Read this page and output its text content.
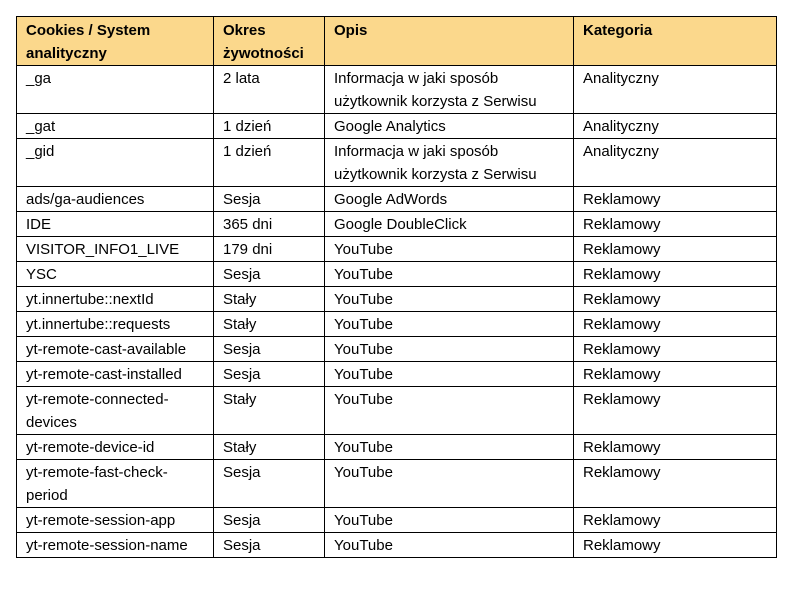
Cookies / System analityczny	Okres żywotności	Opis	Kategoria
_ga	2 lata	Informacja w jaki sposób użytkownik korzysta z Serwisu	Analityczny
_gat	1 dzień	Google Analytics	Analityczny
_gid	1 dzień	Informacja w jaki sposób użytkownik korzysta z Serwisu	Analityczny
ads/ga-audiences	Sesja	Google AdWords	Reklamowy
IDE	365 dni	Google DoubleClick	Reklamowy
VISITOR_INFO1_LIVE	179 dni	YouTube	Reklamowy
YSC	Sesja	YouTube	Reklamowy
yt.innertube::nextId	Stały	YouTube	Reklamowy
yt.innertube::requests	Stały	YouTube	Reklamowy
yt-remote-cast-available	Sesja	YouTube	Reklamowy
yt-remote-cast-installed	Sesja	YouTube	Reklamowy
yt-remote-connected-devices	Stały	YouTube	Reklamowy
yt-remote-device-id	Stały	YouTube	Reklamowy
yt-remote-fast-check-period	Sesja	YouTube	Reklamowy
yt-remote-session-app	Sesja	YouTube	Reklamowy
yt-remote-session-name	Sesja	YouTube	Reklamowy
